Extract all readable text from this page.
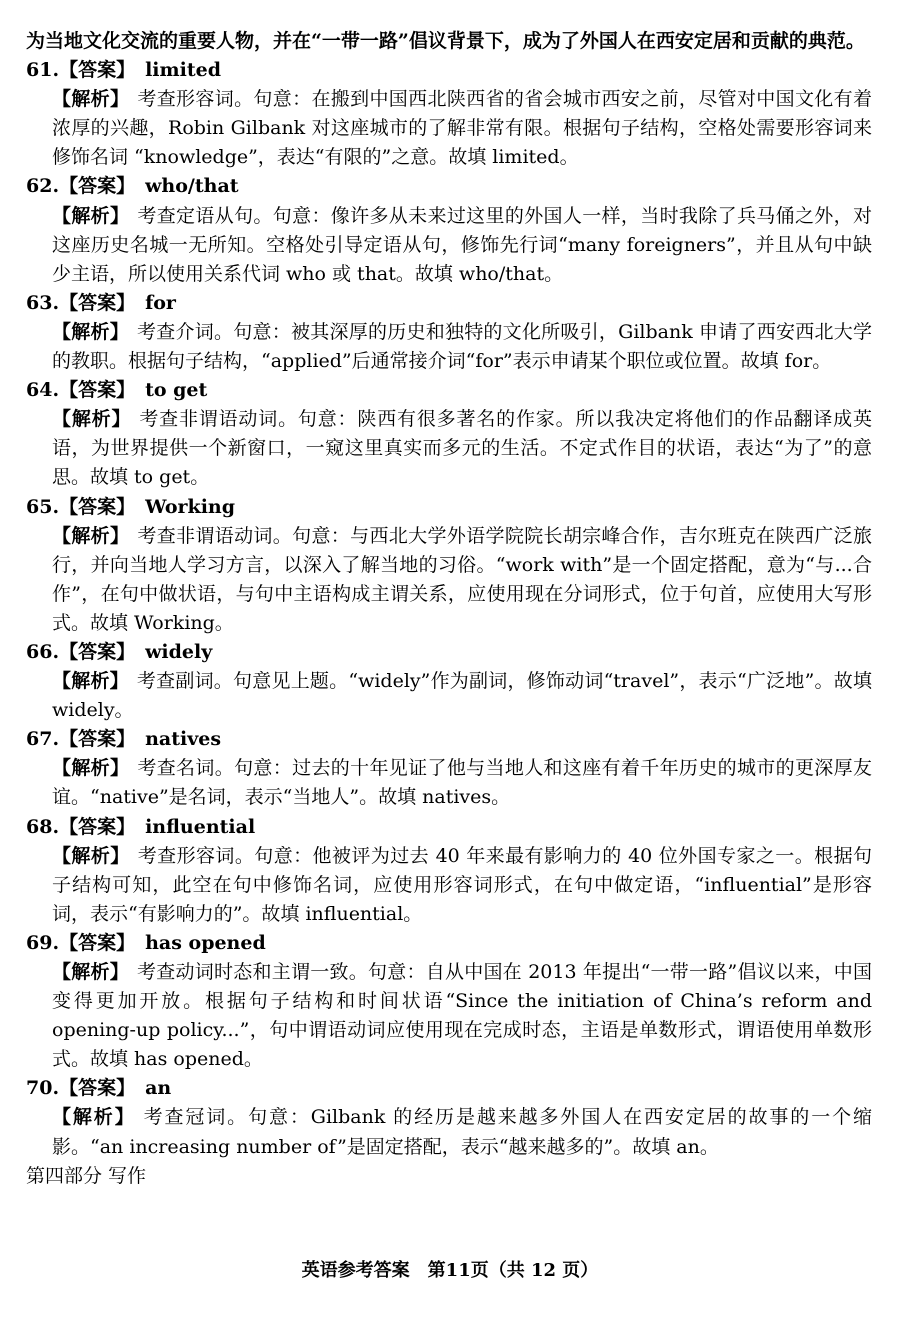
为当地文化交流的重要人物，并在“一带一路”倡议背景下，成为了外国人在西安定居和贡献的典范。
61.【答案】 limited
【解析】 考查形容词。句意：在搬到中国西北陕西省的省会城市西安之前，尽管对中国文化有着浓厚的兴趣，Robin Gilbank 对这座城市的了解非常有限。根据句子结构，空格处需要形容词来修饰名词 “knowledge”，表达“有限的”之意。故填 limited。
62.【答案】 who/that
【解析】 考查定语从句。句意：像许多从未来过这里的外国人一样，当时我除了兵马俑之外，对这座历史名城一无所知。空格处引导定语从句，修饰先行词“many foreigners”，并且从句中缺少主语，所以使用关系代词 who 或 that。故填 who/that。
63.【答案】 for
【解析】 考查介词。句意：被其深厚的历史和独特的文化所吸引，Gilbank 申请了西安西北大学的教职。根据句子结构，“applied”后通常接介词“for”表示申请某个职位或位置。故填 for。
64.【答案】 to get
【解析】 考查非谓语动词。句意：陕西有很多著名的作家。所以我决定将他们的作品翻译成英语，为世界提供一个新窗口，一窥这里真实而多元的生活。不定式作目的状语，表达“为了”的意思。故填 to get。
65.【答案】 Working
【解析】 考查非谓语动词。句意：与西北大学外语学院院长胡宗峰合作，吉尔班克在陕西广泛旅行，并向当地人学习方言，以深入了解当地的习俗。“work with”是一个固定搭配，意为“与...合作”，在句中做状语，与句中主语构成主谓关系，应使用现在分词形式，位于句首，应使用大写形式。故填 Working。
66.【答案】 widely
【解析】 考查副词。句意见上题。“widely”作为副词，修饰动词“travel”，表示“广泛地”。故填 widely。
67.【答案】 natives
【解析】 考查名词。句意：过去的十年见证了他与当地人和这座有着千年历史的城市的更深厚友谊。“native”是名词，表示“当地人”。故填 natives。
68.【答案】 influential
【解析】 考查形容词。句意：他被评为过去 40 年来最有影响力的 40 位外国专家之一。根据句子结构可知，此空在句中修饰名词，应使用形容词形式，在句中做定语，“influential”是形容词，表示“有影响力的”。故填 influential。
69.【答案】 has opened
【解析】 考查动词时态和主谓一致。句意：自从中国在 2013 年提出“一带一路”倡议以来，中国变得更加开放。根据句子结构和时间状语“Since the initiation of China’s reform and opening-up policy...”，句中谓语动词应使用现在完成时态，主语是单数形式，谓语使用单数形式。故填 has opened。
70.【答案】 an
【解析】 考查冠词。句意：Gilbank 的经历是越来越多外国人在西安定居的故事的一个缩影。“an increasing number of”是固定搭配，表示“越来越多的”。故填 an。
第四部分 写作
英语参考答案　第11页（共 12 页）
